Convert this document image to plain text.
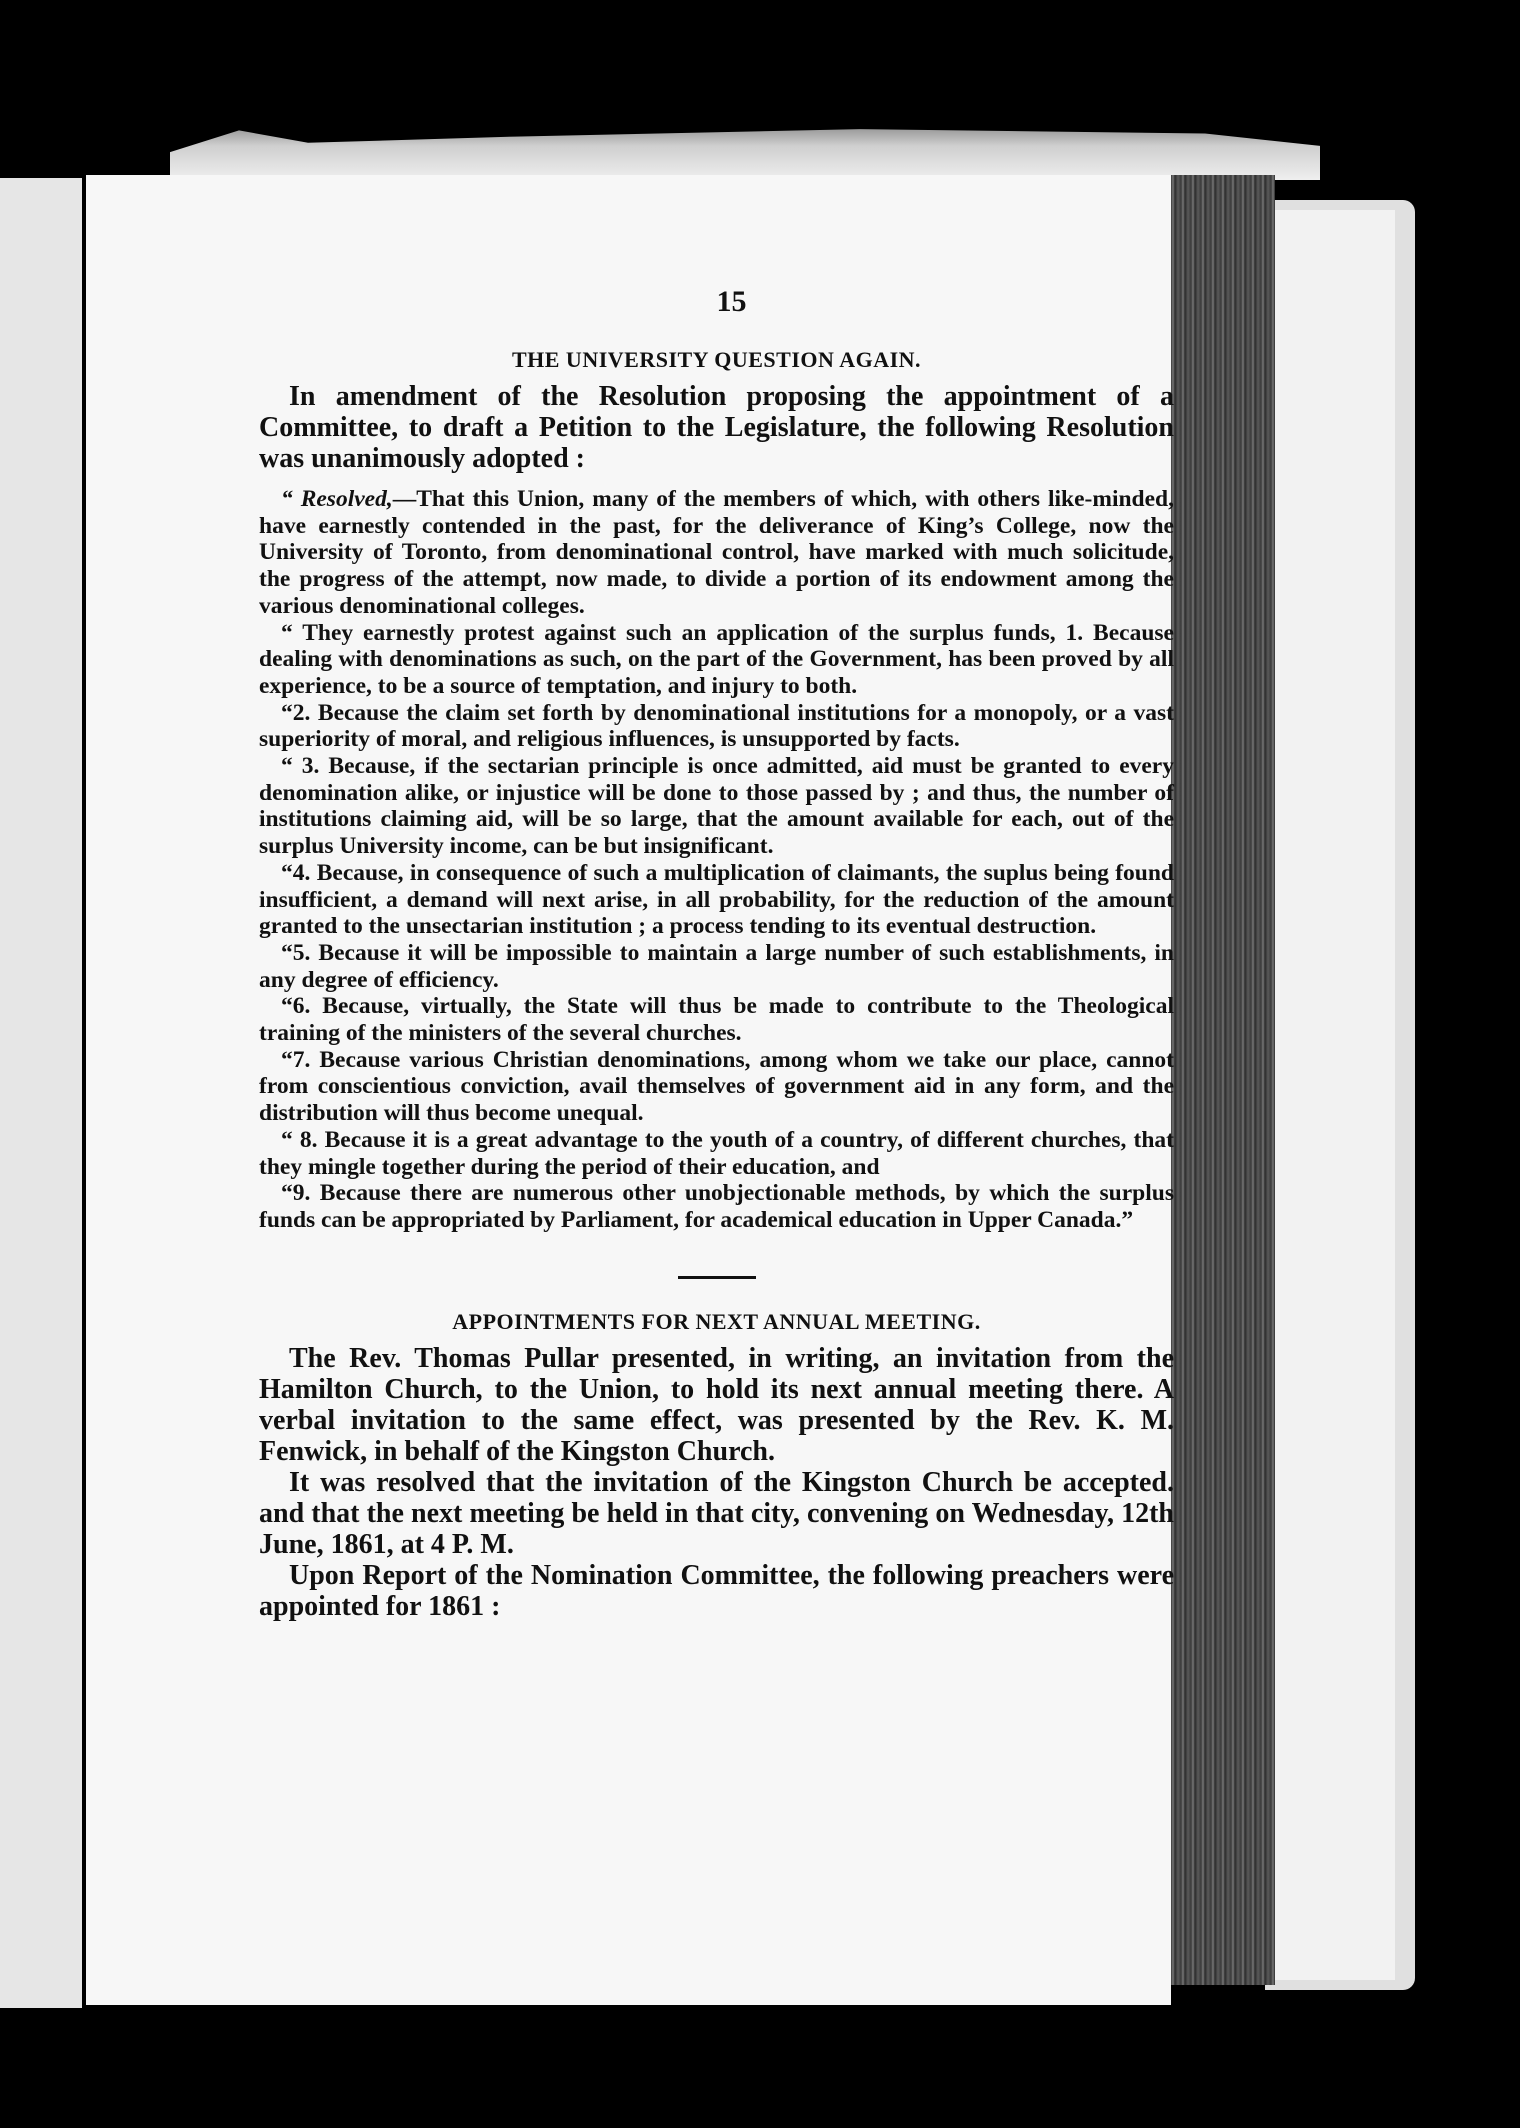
15
THE UNIVERSITY QUESTION AGAIN.

In amendment of the Resolution proposing the appointment of a Committee, to draft a Petition to the Legislature, the following Resolution was unanimously adopted :

“ Resolved,—That this Union, many of the members of which, with others like-minded, have earnestly contended in the past, for the deliverance of King’s College, now the University of Toronto, from denominational control, have marked with much solicitude, the progress of the attempt, now made, to divide a portion of its endowment among the various denominational colleges.

“ They earnestly protest against such an application of the surplus funds, 1. Because dealing with denominations as such, on the part of the Government, has been proved by all experience, to be a source of temptation, and injury to both.

“2. Because the claim set forth by denominational institutions for a monopoly, or a vast superiority of moral, and religious influences, is unsupported by facts.

“ 3. Because, if the sectarian principle is once admitted, aid must be granted to every denomination alike, or injustice will be done to those passed by ; and thus, the number of institutions claiming aid, will be so large, that the amount available for each, out of the surplus University income, can be but insignificant.

“4. Because, in consequence of such a multiplication of claimants, the suplus being found insufficient, a demand will next arise, in all probability, for the reduction of the amount granted to the unsectarian institution ; a process tending to its eventual destruction.

“5. Because it will be impossible to maintain a large number of such establishments, in any degree of efficiency.

“6. Because, virtually, the State will thus be made to contribute to the Theological training of the ministers of the several churches.

“7. Because various Christian denominations, among whom we take our place, cannot from conscientious conviction, avail themselves of government aid in any form, and the distribution will thus become unequal.

“ 8. Because it is a great advantage to the youth of a country, of different churches, that they mingle together during the period of their education, and

“9. Because there are numerous other unobjectionable methods, by which the surplus funds can be appropriated by Parliament, for academical education in Upper Canada.”

APPOINTMENTS FOR NEXT ANNUAL MEETING.

The Rev. Thomas Pullar presented, in writing, an invitation from the Hamilton Church, to the Union, to hold its next annual meeting there. A verbal invitation to the same effect, was presented by the Rev. K. M. Fenwick, in behalf of the Kingston Church.

It was resolved that the invitation of the Kingston Church be accepted. and that the next meeting be held in that city, convening on Wednesday, 12th June, 1861, at 4 P. M.

Upon Report of the Nomination Committee, the following preachers were appointed for 1861 :
